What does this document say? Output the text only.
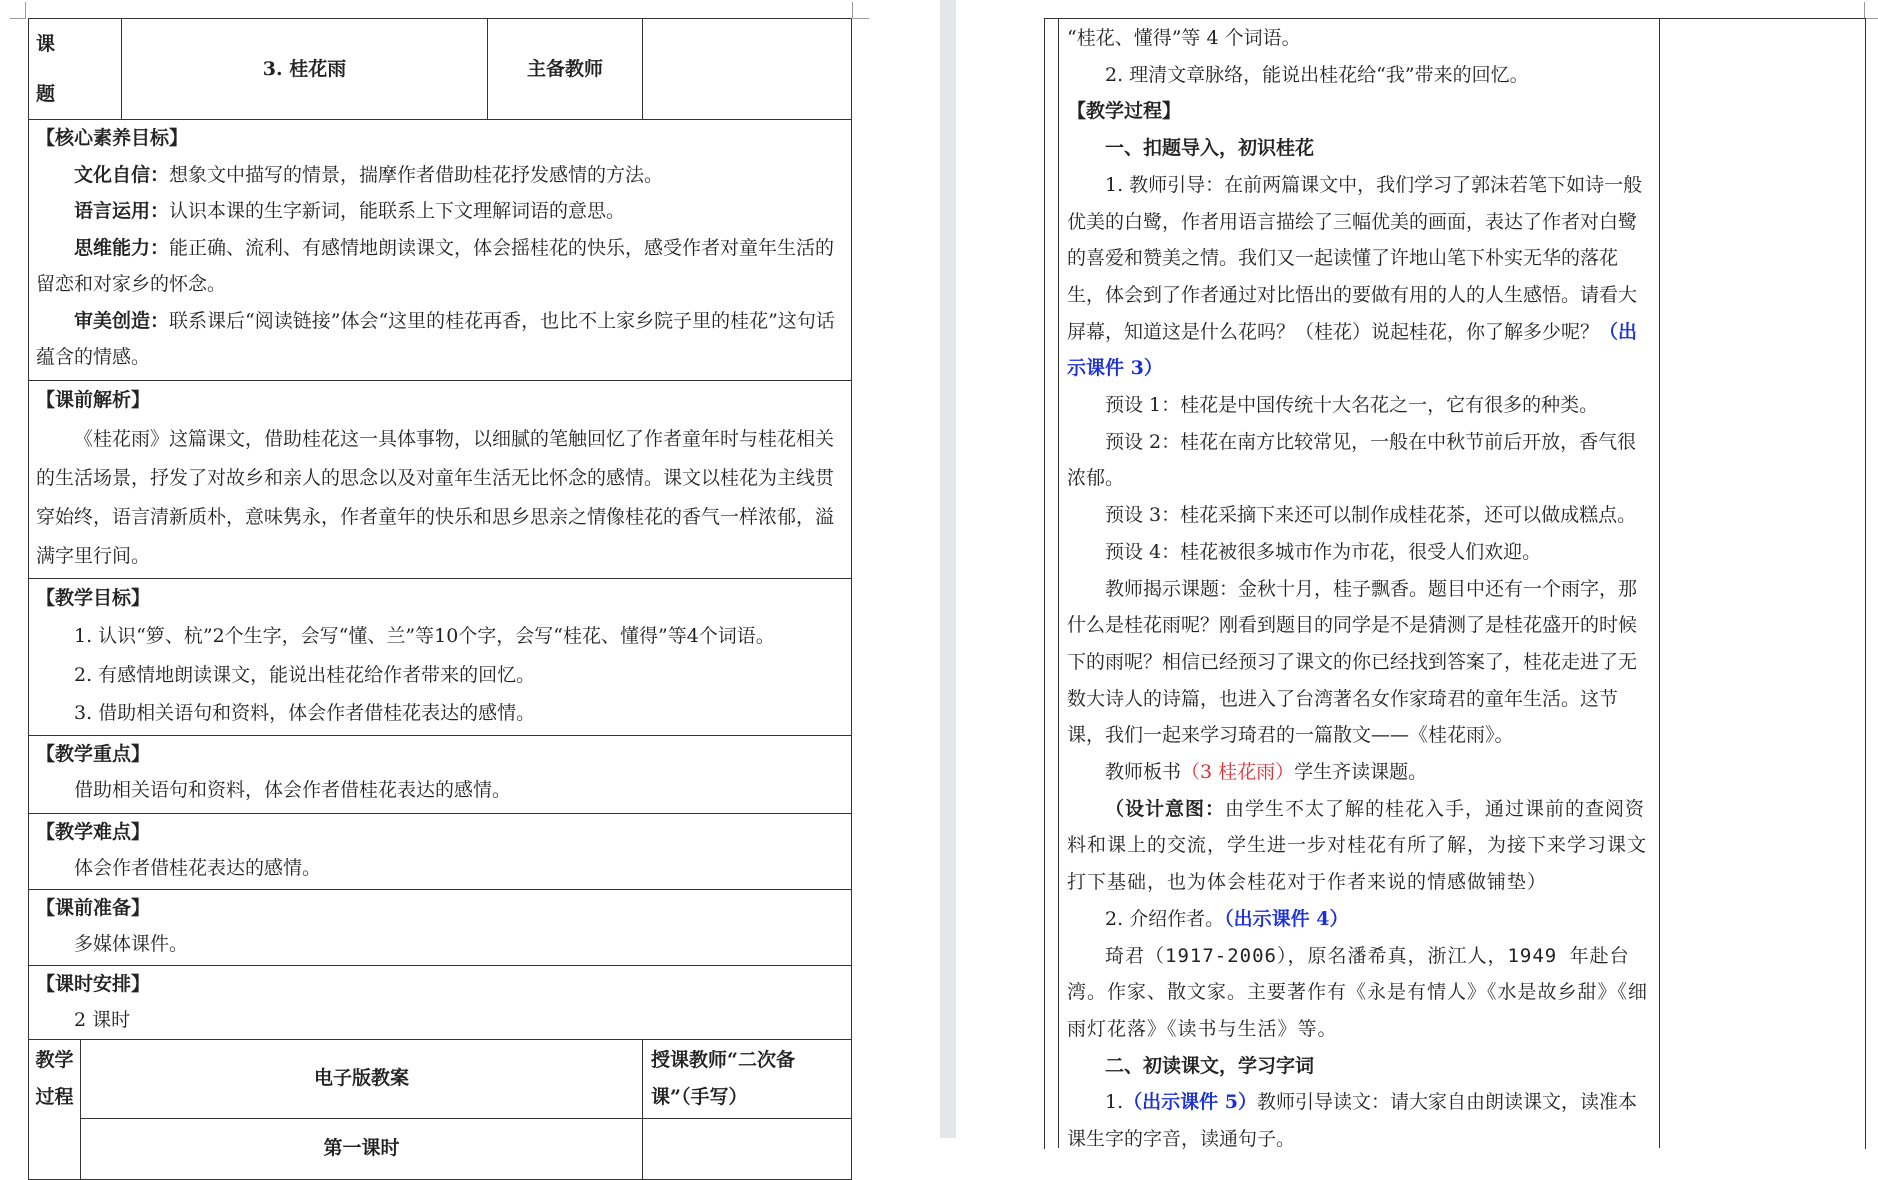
课　题		3. 桂花雨	主备教师	

【核心素养目标】
文化自信：想象文中描写的情景，揣摩作者借助桂花抒发感情的方法。
语言运用：认识本课的生字新词，能联系上下文理解词语的意思。
思维能力：能正确、流利、有感情地朗读课文，体会摇桂花的快乐，感受作者对童年生活的留恋和对家乡的怀念。
审美创造：联系课后“阅读链接”体会“这里的桂花再香，也比不上家乡院子里的桂花”这句话蕴含的情感。				

【课前解析】
《桂花雨》这篇课文，借助桂花这一具体事物，以细腻的笔触回忆了作者童年时与桂花相关的生活场景，抒发了对故乡和亲人的思念以及对童年生活无比怀念的感情。课文以桂花为主线贯穿始终，语言清新质朴，意味隽永，作者童年的快乐和思乡思亲之情像桂花的香气一样浓郁，溢满字里行间。				

【教学目标】
1. 认识“箩、杭”2个生字，会写“懂、兰”等10个字，会写“桂花、懂得”等4个词语。
2. 有感情地朗读课文，能说出桂花给作者带来的回忆。
3. 借助相关语句和资料，体会作者借桂花表达的感情。				

【教学重点】
借助相关语句和资料，体会作者借桂花表达的感情。				

【教学难点】
体会作者借桂花表达的感情。				

【课前准备】
多媒体课件。				

【课时安排】
2 课时				

教学过程	电子版教案			授课教师“二次备课”（手写）
	第一课时			

“桂花、懂得”等 4 个词语。

2. 理清文章脉络，能说出桂花给“我”带来的回忆。

【教学过程】

一、扣题导入，初识桂花

1. 教师引导：在前两篇课文中，我们学习了郭沫若笔下如诗一般优美的白鹭，作者用语言描绘了三幅优美的画面，表达了作者对白鹭的喜爱和赞美之情。我们又一起读懂了许地山笔下朴实无华的落花生，体会到了作者通过对比悟出的要做有用的人的人生感悟。请看大屏幕，知道这是什么花吗？（桂花）说起桂花，你了解多少呢？（出示课件 3）

预设 1：桂花是中国传统十大名花之一，它有很多的种类。

预设 2：桂花在南方比较常见，一般在中秋节前后开放，香气很浓郁。

预设 3：桂花采摘下来还可以制作成桂花茶，还可以做成糕点。

预设 4：桂花被很多城市作为市花，很受人们欢迎。

教师揭示课题：金秋十月，桂子飘香。题目中还有一个雨字，那什么是桂花雨呢？刚看到题目的同学是不是猜测了是桂花盛开的时候下的雨呢？相信已经预习了课文的你已经找到答案了，桂花走进了无数大诗人的诗篇，也进入了台湾著名女作家琦君的童年生活。这节课，我们一起来学习琦君的一篇散文——《桂花雨》。

教师板书（3 桂花雨）学生齐读课题。

（设计意图：由学生不太了解的桂花入手，通过课前的查阅资料和课上的交流，学生进一步对桂花有所了解，为接下来学习课文打下基础，也为体会桂花对于作者来说的情感做铺垫）

2. 介绍作者。（出示课件 4）

琦君（1917-2006），原名潘希真，浙江人，1949 年赴台湾。作家、散文家。主要著作有《永是有情人》《水是故乡甜》《细雨灯花落》《读书与生活》等。

二、初读课文，学习字词

1.（出示课件 5）教师引导读文：请大家自由朗读课文，读准本课生字的字音，读通句子。
